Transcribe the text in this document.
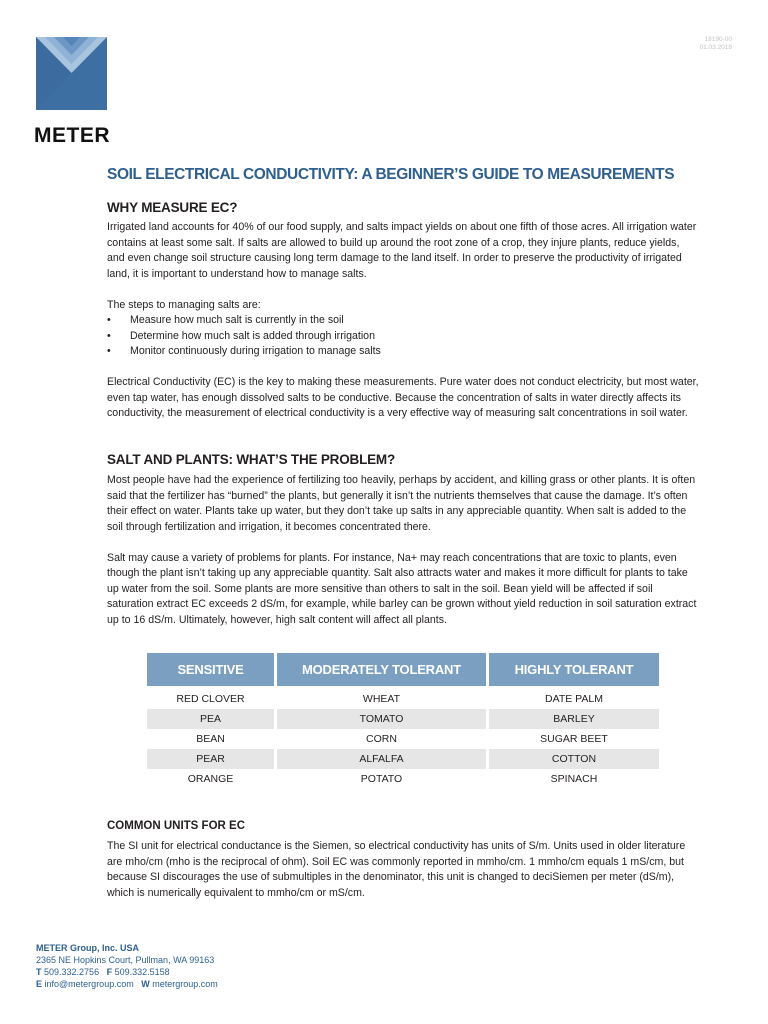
METER
18190-00
01.03.2018
SOIL ELECTRICAL CONDUCTIVITY: A BEGINNER’S GUIDE TO MEASUREMENTS
WHY MEASURE EC?

Irrigated land accounts for 40% of our food supply, and salts impact yields on about one fifth of those acres. All irrigation water contains at least some salt. If salts are allowed to build up around the root zone of a crop, they injure plants, reduce yields, and even change soil structure causing long term damage to the land itself. In order to preserve the productivity of irrigated land, it is important to understand how to manage salts.

The steps to managing salts are:

• Measure how much salt is currently in the soil
• Determine how much salt is added through irrigation
• Monitor continuously during irrigation to manage salts

Electrical Conductivity (EC) is the key to making these measurements. Pure water does not conduct electricity, but most water, even tap water, has enough dissolved salts to be conductive. Because the concentration of salts in water directly affects its conductivity, the measurement of electrical conductivity is a very effective way of measuring salt concentrations in soil water.

SALT AND PLANTS: WHAT’S THE PROBLEM?

Most people have had the experience of fertilizing too heavily, perhaps by accident, and killing grass or other plants. It is often said that the fertilizer has “burned” the plants, but generally it isn’t the nutrients themselves that cause the damage. It’s often their effect on water. Plants take up water, but they don’t take up salts in any appreciable quantity. When salt is added to the soil through fertilization and irrigation, it becomes concentrated there.

Salt may cause a variety of problems for plants. For instance, Na+ may reach concentrations that are toxic to plants, even though the plant isn’t taking up any appreciable quantity. Salt also attracts water and makes it more difficult for plants to take up water from the soil. Some plants are more sensitive than others to salt in the soil. Bean yield will be affected if soil saturation extract EC exceeds 2 dS/m, for example, while barley can be grown without yield reduction in soil saturation extract up to 16 dS/m. Ultimately, however, high salt content will affect all plants.

SENSITIVE	MODERATELY TOLERANT	HIGHLY TOLERANT
RED CLOVER	WHEAT	DATE PALM
PEA	TOMATO	BARLEY
BEAN	CORN	SUGAR BEET
PEAR	ALFALFA	COTTON
ORANGE	POTATO	SPINACH
COMMON UNITS FOR EC

The SI unit for electrical conductance is the Siemen, so electrical conductivity has units of S/m. Units used in older literature are mho/cm (mho is the reciprocal of ohm). Soil EC was commonly reported in mmho/cm. 1 mmho/cm equals 1 mS/cm, but because SI discourages the use of submultiples in the denominator, this unit is changed to deciSiemen per meter (dS/m), which is numerically equivalent to mmho/cm or mS/cm.

METER Group, Inc. USA
2365 NE Hopkins Court, Pullman, WA 99163
T 509.332.2756 F 509.332.5158
E info@metergroup.com W metergroup.com
